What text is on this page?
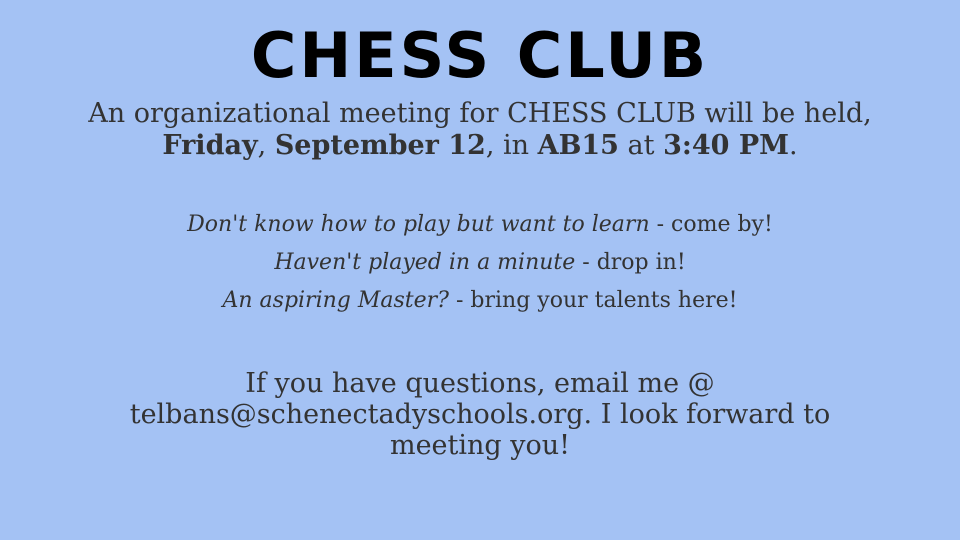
CHESS CLUB
An organizational meeting for CHESS CLUB will be held, Friday, September 12, in AB15 at 3:40 PM.
Don't know how to play but want to learn - come by!
Haven't played in a minute - drop in!
An aspiring Master? - bring your talents here!
If you have questions, email me @ telbans@schenectadyschools.org. I look forward to meeting you!
